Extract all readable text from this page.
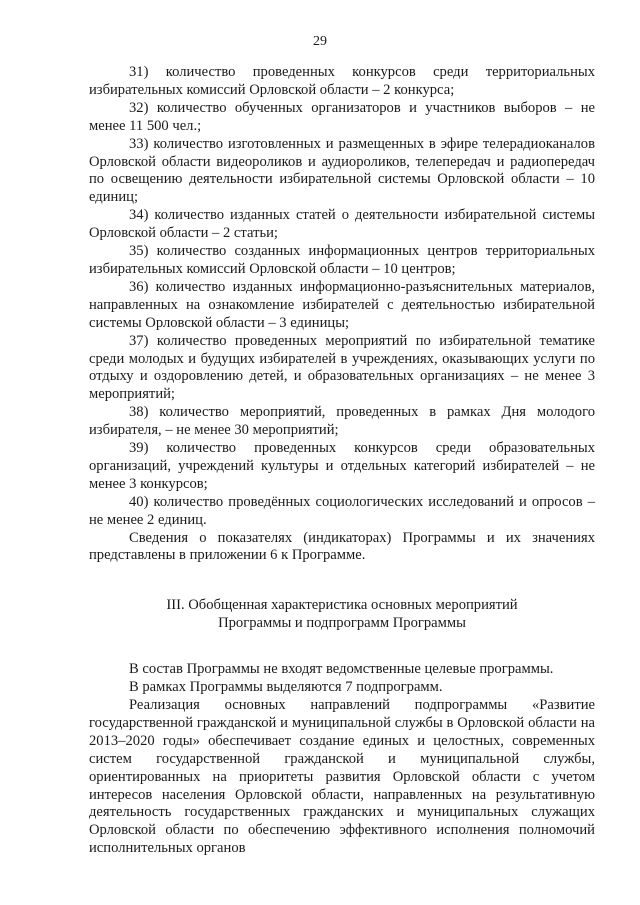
29

31) количество проведенных конкурсов среди территориальных избирательных комиссий Орловской области – 2 конкурса;

32) количество обученных организаторов и участников выборов – не менее 11 500 чел.;

33) количество изготовленных и размещенных в эфире телерадиоканалов Орловской области видеороликов и аудиороликов, телепередач и радиопередач по освещению деятельности избирательной системы Орловской области – 10 единиц;

34) количество изданных статей о деятельности избирательной системы Орловской области – 2 статьи;

35) количество созданных информационных центров территориальных избирательных комиссий Орловской области – 10 центров;

36) количество изданных информационно-разъяснительных материалов, направленных на ознакомление избирателей с деятельностью избирательной системы Орловской области – 3 единицы;

37) количество проведенных мероприятий по избирательной тематике среди молодых и будущих избирателей в учреждениях, оказывающих услуги по отдыху и оздоровлению детей, и образовательных организациях – не менее 3 мероприятий;

38) количество мероприятий, проведенных в рамках Дня молодого избирателя, – не менее 30 мероприятий;

39) количество проведенных конкурсов среди образовательных организаций, учреждений культуры и отдельных категорий избирателей – не менее 3 конкурсов;

40) количество проведённых социологических исследований и опросов – не менее 2 единиц.

Сведения о показателях (индикаторах) Программы и их значениях представлены в приложении 6 к Программе.

III. Обобщенная характеристика основных мероприятий
Программы и подпрограмм Программы

В состав Программы не входят ведомственные целевые программы.

В рамках Программы выделяются 7 подпрограмм.

Реализация основных направлений подпрограммы «Развитие государственной гражданской и муниципальной службы в Орловской области на 2013–2020 годы» обеспечивает создание единых и целостных, современных систем государственной гражданской и муниципальной службы, ориентированных на приоритеты развития Орловской области с учетом интересов населения Орловской области, направленных на результативную деятельность государственных гражданских и муниципальных служащих Орловской области по обеспечению эффективного исполнения полномочий исполнительных органов
